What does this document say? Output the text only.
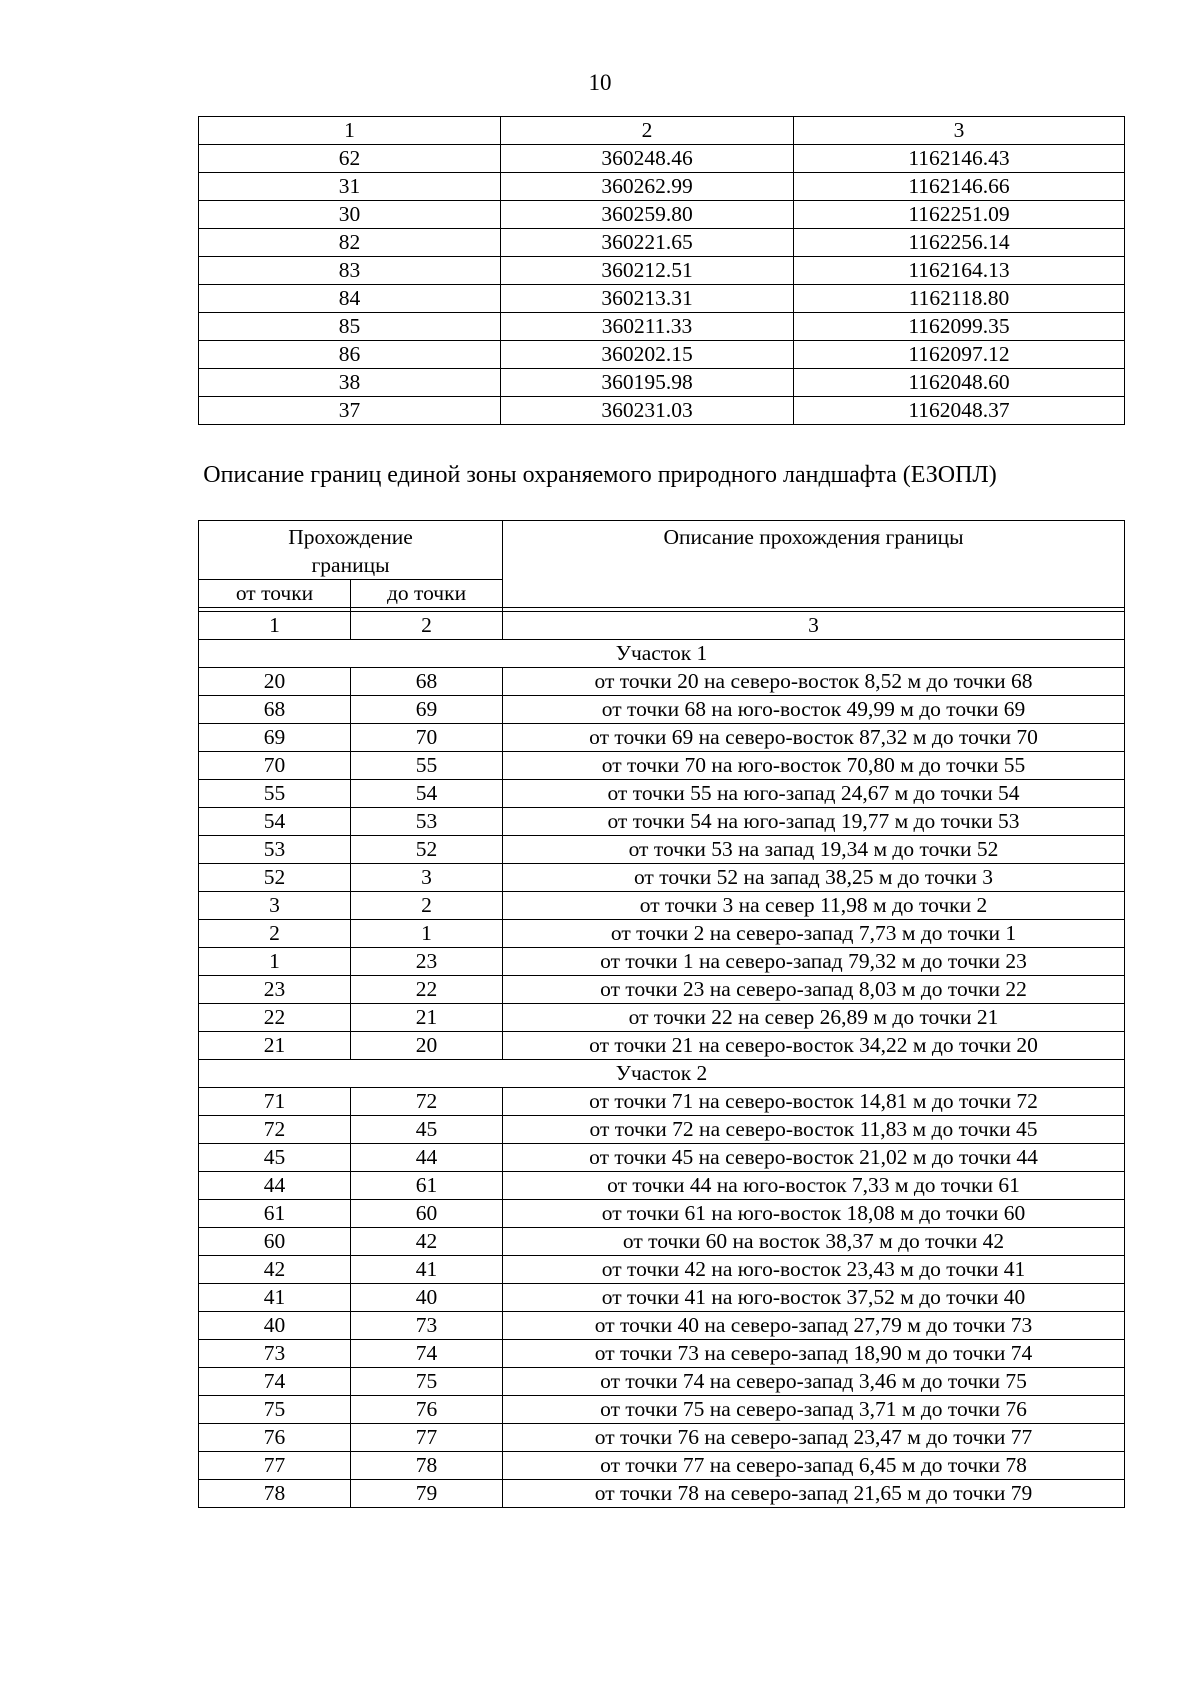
10
1	2	3
62	360248.46	1162146.43
31	360262.99	1162146.66
30	360259.80	1162251.09
82	360221.65	1162256.14
83	360212.51	1162164.13
84	360213.31	1162118.80
85	360211.33	1162099.35
86	360202.15	1162097.12
38	360195.98	1162048.60
37	360231.03	1162048.37
Описание границ единой зоны охраняемого природного ландшафта (ЕЗОПЛ)
Прохождение границы		Описание прохождения границы
от точки	до точки	

1	2	3
Участок 1		
20	68	от точки 20 на северо-восток 8,52 м до точки 68
68	69	от точки 68 на юго-восток 49,99 м до точки 69
69	70	от точки 69 на северо-восток 87,32 м до точки 70
70	55	от точки 70 на юго-восток 70,80 м до точки 55
55	54	от точки 55 на юго-запад 24,67 м до точки 54
54	53	от точки 54 на юго-запад 19,77 м до точки 53
53	52	от точки 53 на запад 19,34 м до точки 52
52	3	от точки 52 на запад 38,25 м до точки 3
3	2	от точки 3 на север 11,98 м до точки 2
2	1	от точки 2 на северо-запад 7,73 м до точки 1
1	23	от точки 1 на северо-запад 79,32 м до точки 23
23	22	от точки 23 на северо-запад 8,03 м до точки 22
22	21	от точки 22 на север 26,89 м до точки 21
21	20	от точки 21 на северо-восток 34,22 м до точки 20
Участок 2		
71	72	от точки 71 на северо-восток 14,81 м до точки 72
72	45	от точки 72 на северо-восток 11,83 м до точки 45
45	44	от точки 45 на северо-восток 21,02 м до точки 44
44	61	от точки 44 на юго-восток 7,33 м до точки 61
61	60	от точки 61 на юго-восток 18,08 м до точки 60
60	42	от точки 60 на восток 38,37 м до точки 42
42	41	от точки 42 на юго-восток 23,43 м до точки 41
41	40	от точки 41 на юго-восток 37,52 м до точки 40
40	73	от точки 40 на северо-запад 27,79 м до точки 73
73	74	от точки 73 на северо-запад 18,90 м до точки 74
74	75	от точки 74 на северо-запад 3,46 м до точки 75
75	76	от точки 75 на северо-запад 3,71 м до точки 76
76	77	от точки 76 на северо-запад 23,47 м до точки 77
77	78	от точки 77 на северо-запад 6,45 м до точки 78
78	79	от точки 78 на северо-запад 21,65 м до точки 79
